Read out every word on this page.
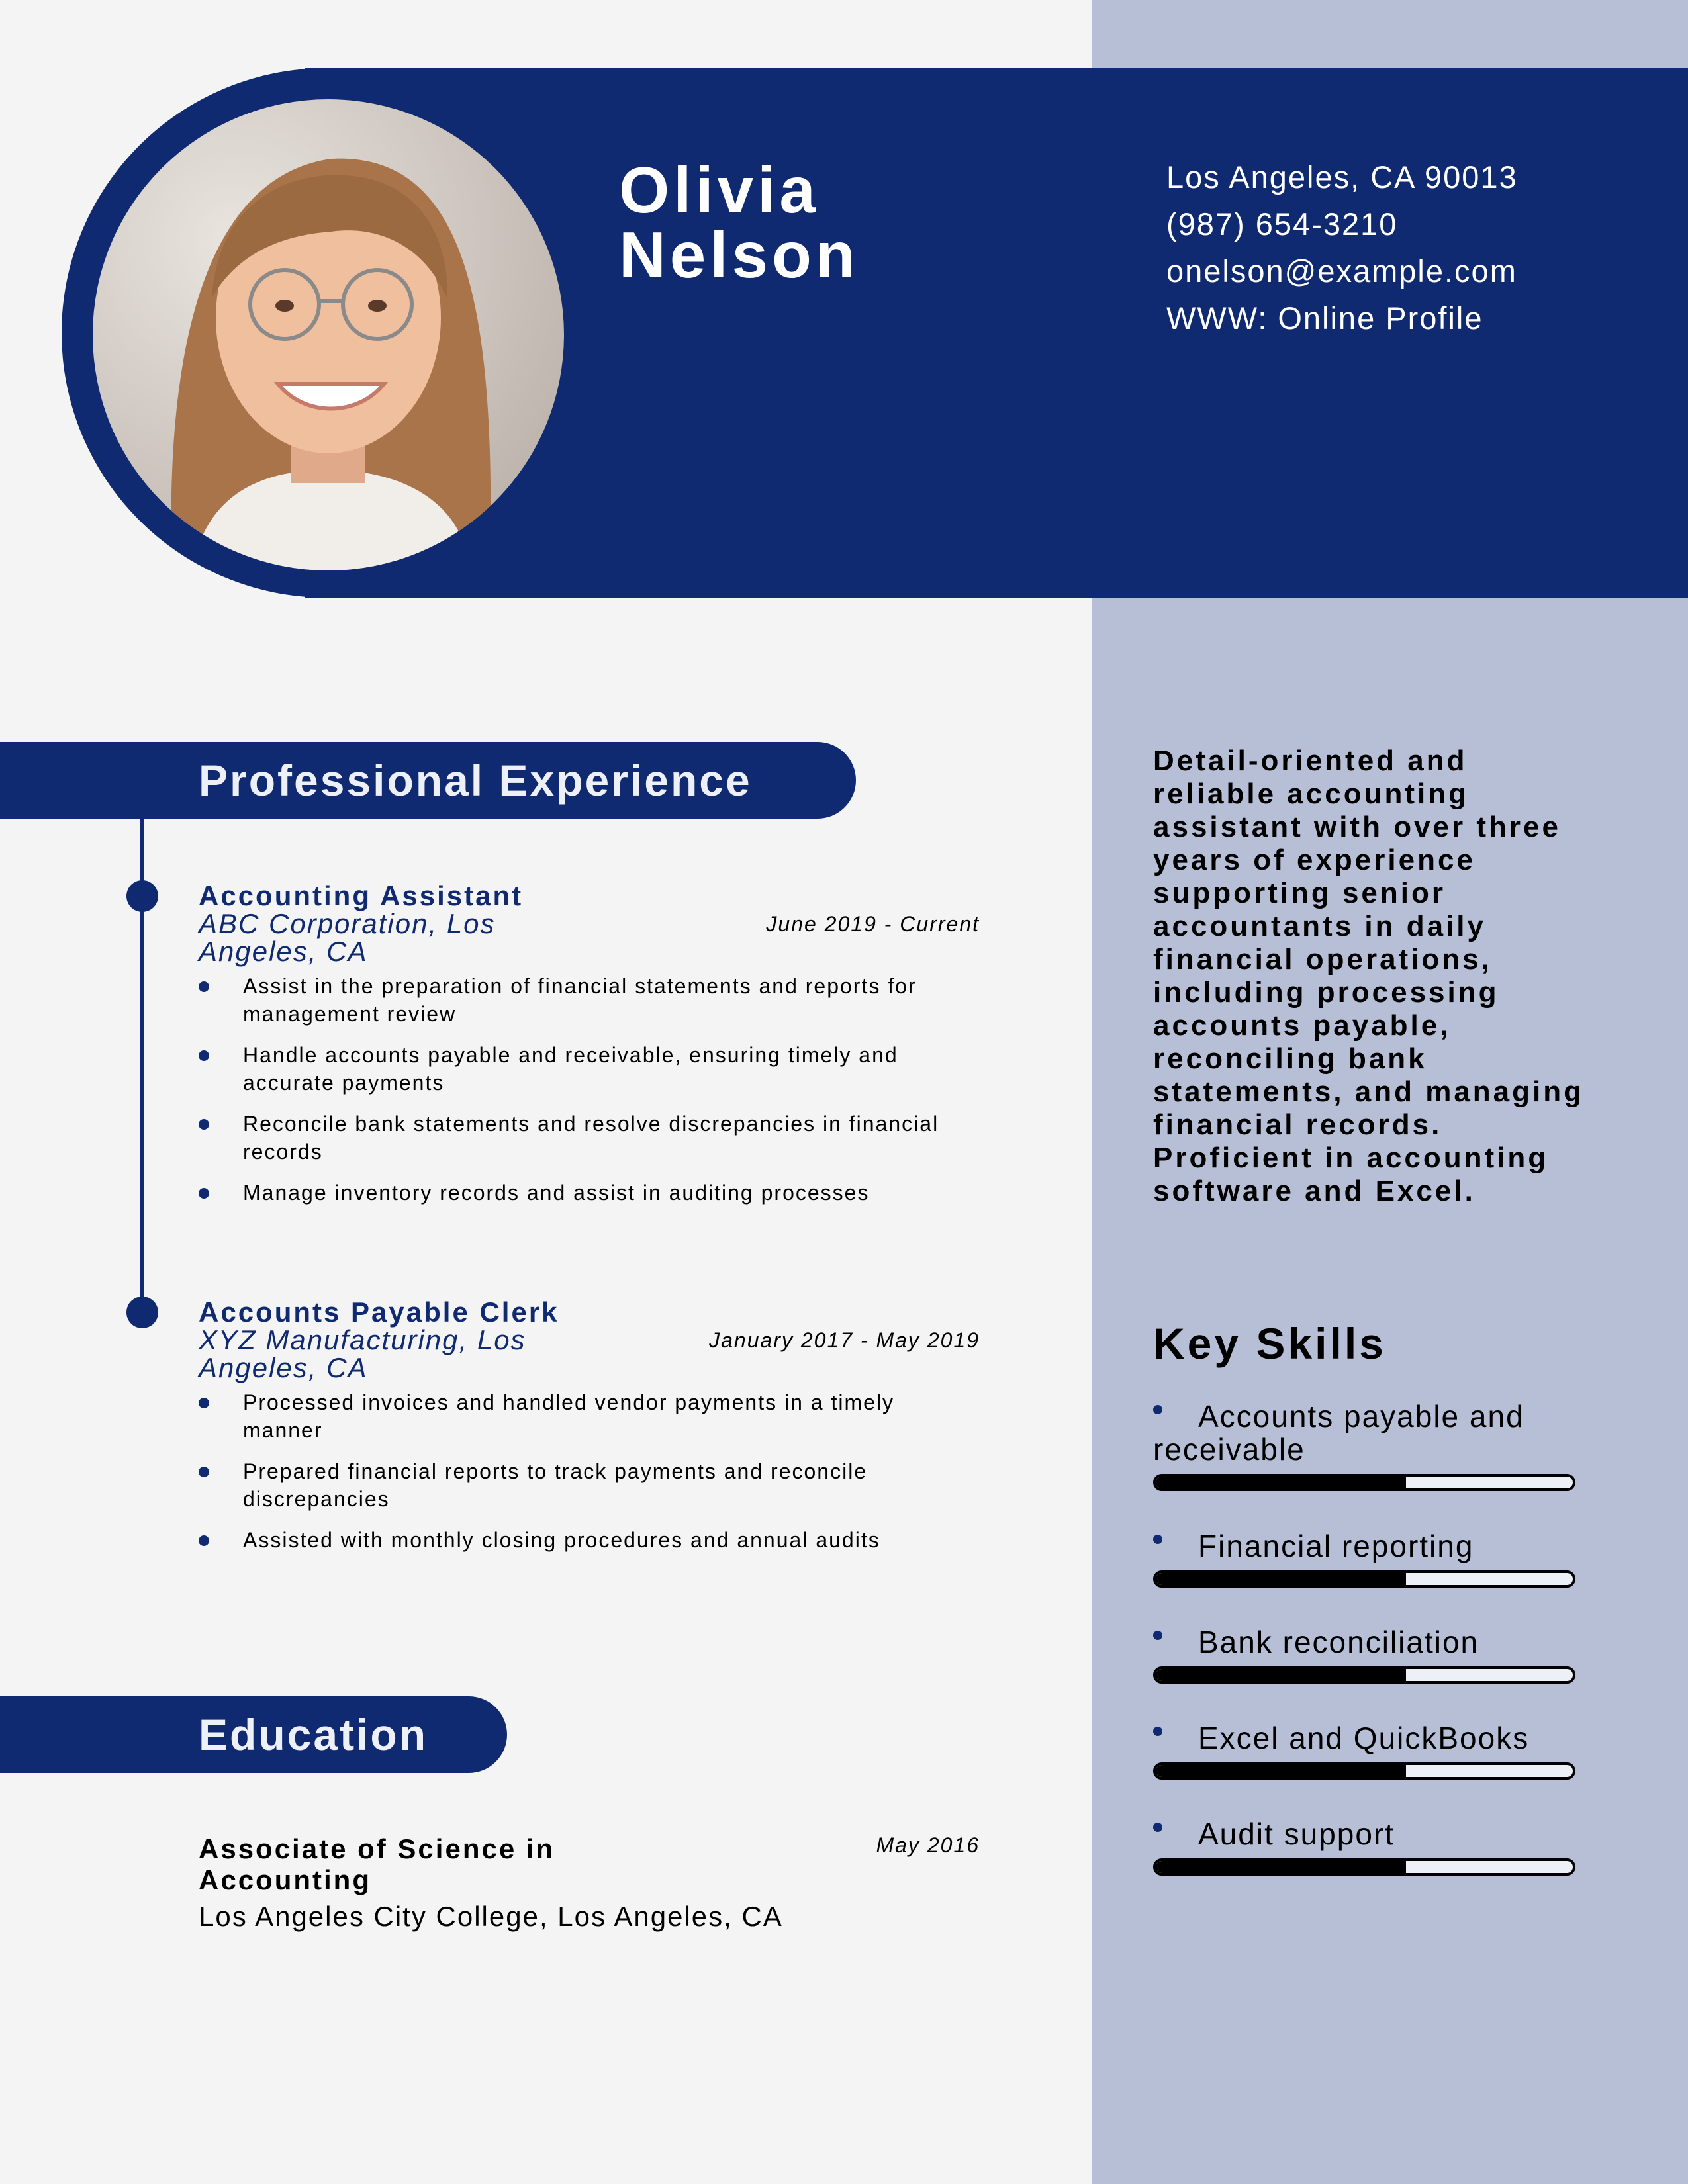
Olivia
Nelson
Los Angeles, CA 90013
(987) 654-3210
onelson@example.com
WWW: Online Profile
Professional Experience
June 2019 - Current
Accounting Assistant
ABC Corporation, Los Angeles, CA
Assist in the preparation of financial statements and reports for management review
Handle accounts payable and receivable, ensuring timely and accurate payments
Reconcile bank statements and resolve discrepancies in financial records
Manage inventory records and assist in auditing processes
January 2017 - May 2019
Accounts Payable Clerk
XYZ Manufacturing, Los Angeles, CA
Processed invoices and handled vendor payments in a timely manner
Prepared financial reports to track payments and reconcile discrepancies
Assisted with monthly closing procedures and annual audits
Education
May 2016
Associate of Science in Accounting
Los Angeles City College, Los Angeles, CA
Detail-oriented and reliable accounting assistant with over three years of experience supporting senior accountants in daily financial operations, including processing accounts payable, reconciling bank statements, and managing financial records. Proficient in accounting software and Excel.
Key Skills
Accounts payable and receivable
Financial reporting
Bank reconciliation
Excel and QuickBooks
Audit support
